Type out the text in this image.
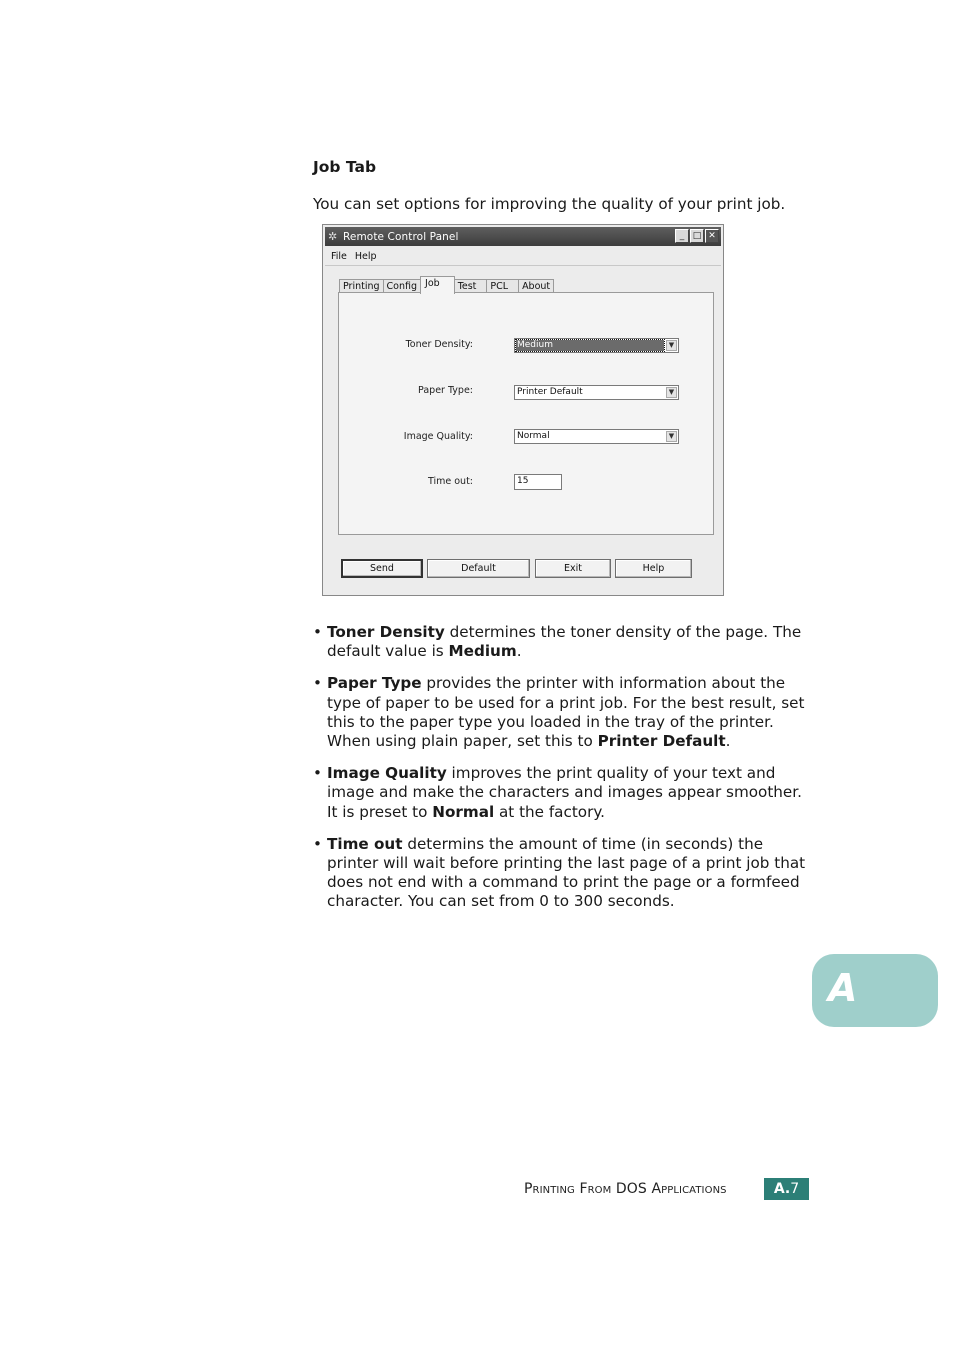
Job Tab

You can set options for improving the quality of your print job.

✲ Remote Control Panel	_ □ ✕
File Help
Printing Config Job	Test	PCL	About
Toner Density:	Medium	▼
Paper Type:	Printer Default	▼
Image Quality:	Normal	▼
Time out:	15
Send	Default	Exit	Help
• Toner Density determines the toner density of the page. The default value is Medium.
• Paper Type provides the printer with information about the type of paper to be used for a print job. For the best result, set this to the paper type you loaded in the tray of the printer. When using plain paper, set this to Printer Default.
• Image Quality improves the print quality of your text and image and make the characters and images appear smoother. It is preset to Normal at the factory.
• Time out determins the amount of time (in seconds) the printer will wait before printing the last page of a print job that does not end with a command to print the page or a formfeed character. You can set from 0 to 300 seconds.
A
Printing From DOS Applications	A.7
